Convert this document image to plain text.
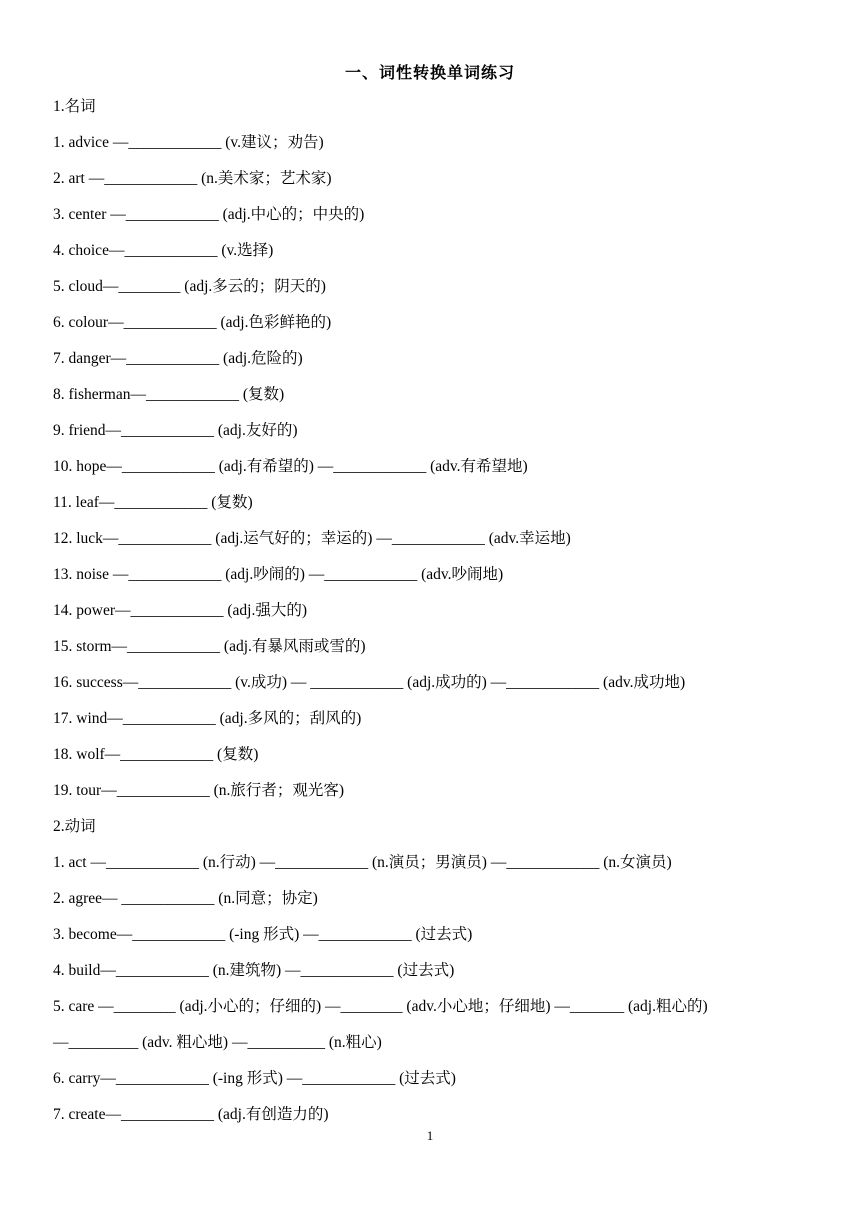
一、词性转换单词练习
1.名词
1. advice —____________ (v.建议；劝告)
2. art —____________ (n.美术家；艺术家)
3. center —____________ (adj.中心的；中央的)
4. choice—____________ (v.选择)
5. cloud—________ (adj.多云的；阴天的)
6. colour—____________ (adj.色彩鲜艳的)
7. danger—____________ (adj.危险的)
8. fisherman—____________ (复数)
9. friend—____________ (adj.友好的)
10. hope—____________ (adj.有希望的) —____________ (adv.有希望地)
11. leaf—____________ (复数)
12. luck—____________ (adj.运气好的；幸运的) —____________ (adv.幸运地)
13. noise —____________ (adj.吵闹的) —____________ (adv.吵闹地)
14. power—____________ (adj.强大的)
15. storm—____________ (adj.有暴风雨或雪的)
16. success—____________ (v.成功) — ____________ (adj.成功的) —____________ (adv.成功地)
17. wind—____________ (adj.多风的；刮风的)
18. wolf—____________ (复数)
19. tour—____________ (n.旅行者；观光客)
2.动词
1. act —____________ (n.行动) —____________ (n.演员；男演员) —____________ (n.女演员)
2. agree— ____________ (n.同意；协定)
3. become—____________ (-ing 形式) —____________ (过去式)
4. build—____________ (n.建筑物) —____________ (过去式)
5. care —________ (adj.小心的；仔细的) —________ (adv.小心地；仔细地) —_______ (adj.粗心的)
—_________ (adv. 粗心地) —__________ (n.粗心)
6. carry—____________ (-ing 形式) —____________ (过去式)
7. create—____________ (adj.有创造力的)
1
